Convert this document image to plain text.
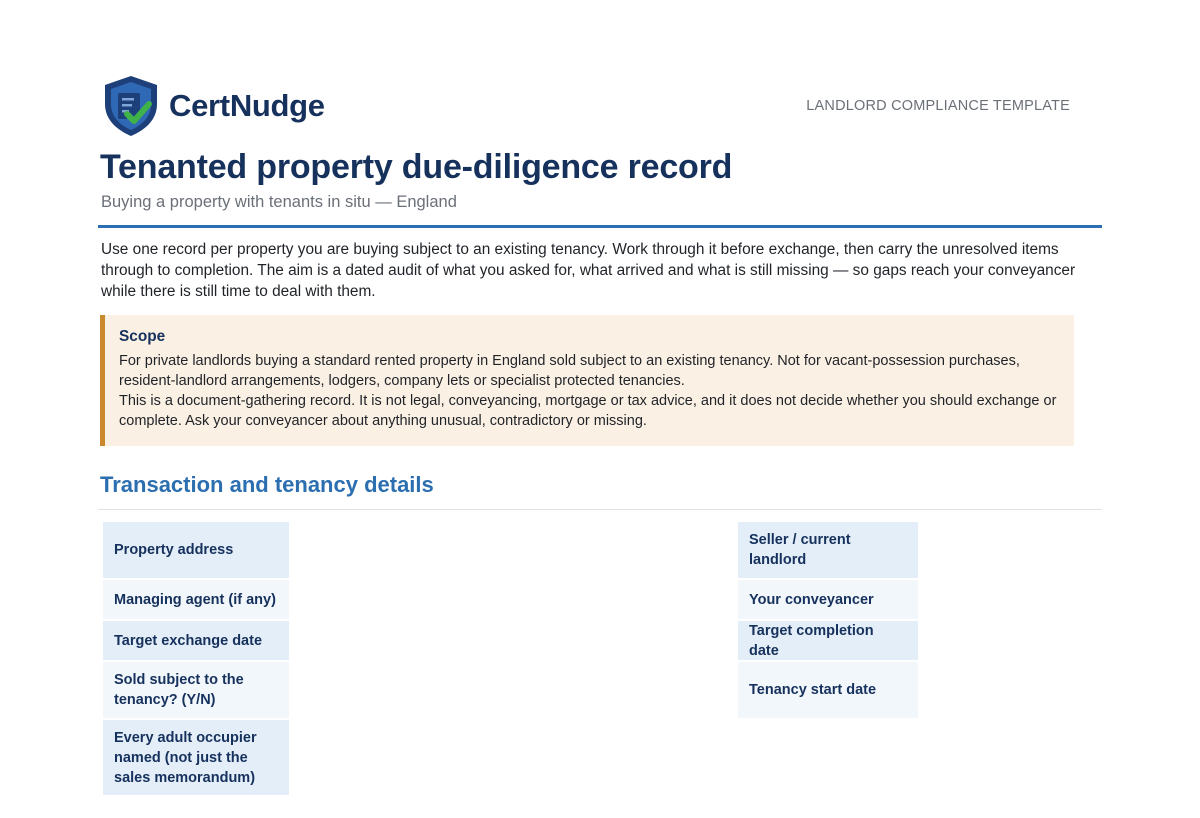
CertNudge	LANDLORD COMPLIANCE TEMPLATE
Tenanted property due-diligence record
Buying a property with tenants in situ — England
Use one record per property you are buying subject to an existing tenancy. Work through it before exchange, then carry the unresolved items through to completion. The aim is a dated audit of what you asked for, what arrived and what is still missing — so gaps reach your conveyancer while there is still time to deal with them.
Scope

For private landlords buying a standard rented property in England sold subject to an existing tenancy. Not for vacant-possession purchases, resident-landlord arrangements, lodgers, company lets or specialist protected tenancies.

This is a document-gathering record. It is not legal, conveyancing, mortgage or tax advice, and it does not decide whether you should exchange or complete. Ask your conveyancer about anything unusual, contradictory or missing.

Transaction and tenancy details
Property address
Managing agent (if any)
Target exchange date
Sold subject to the tenancy? (Y/N)
Every adult occupier named (not just the sales memorandum)
Seller / current landlord
Your conveyancer
Target completion date
Tenancy start date
